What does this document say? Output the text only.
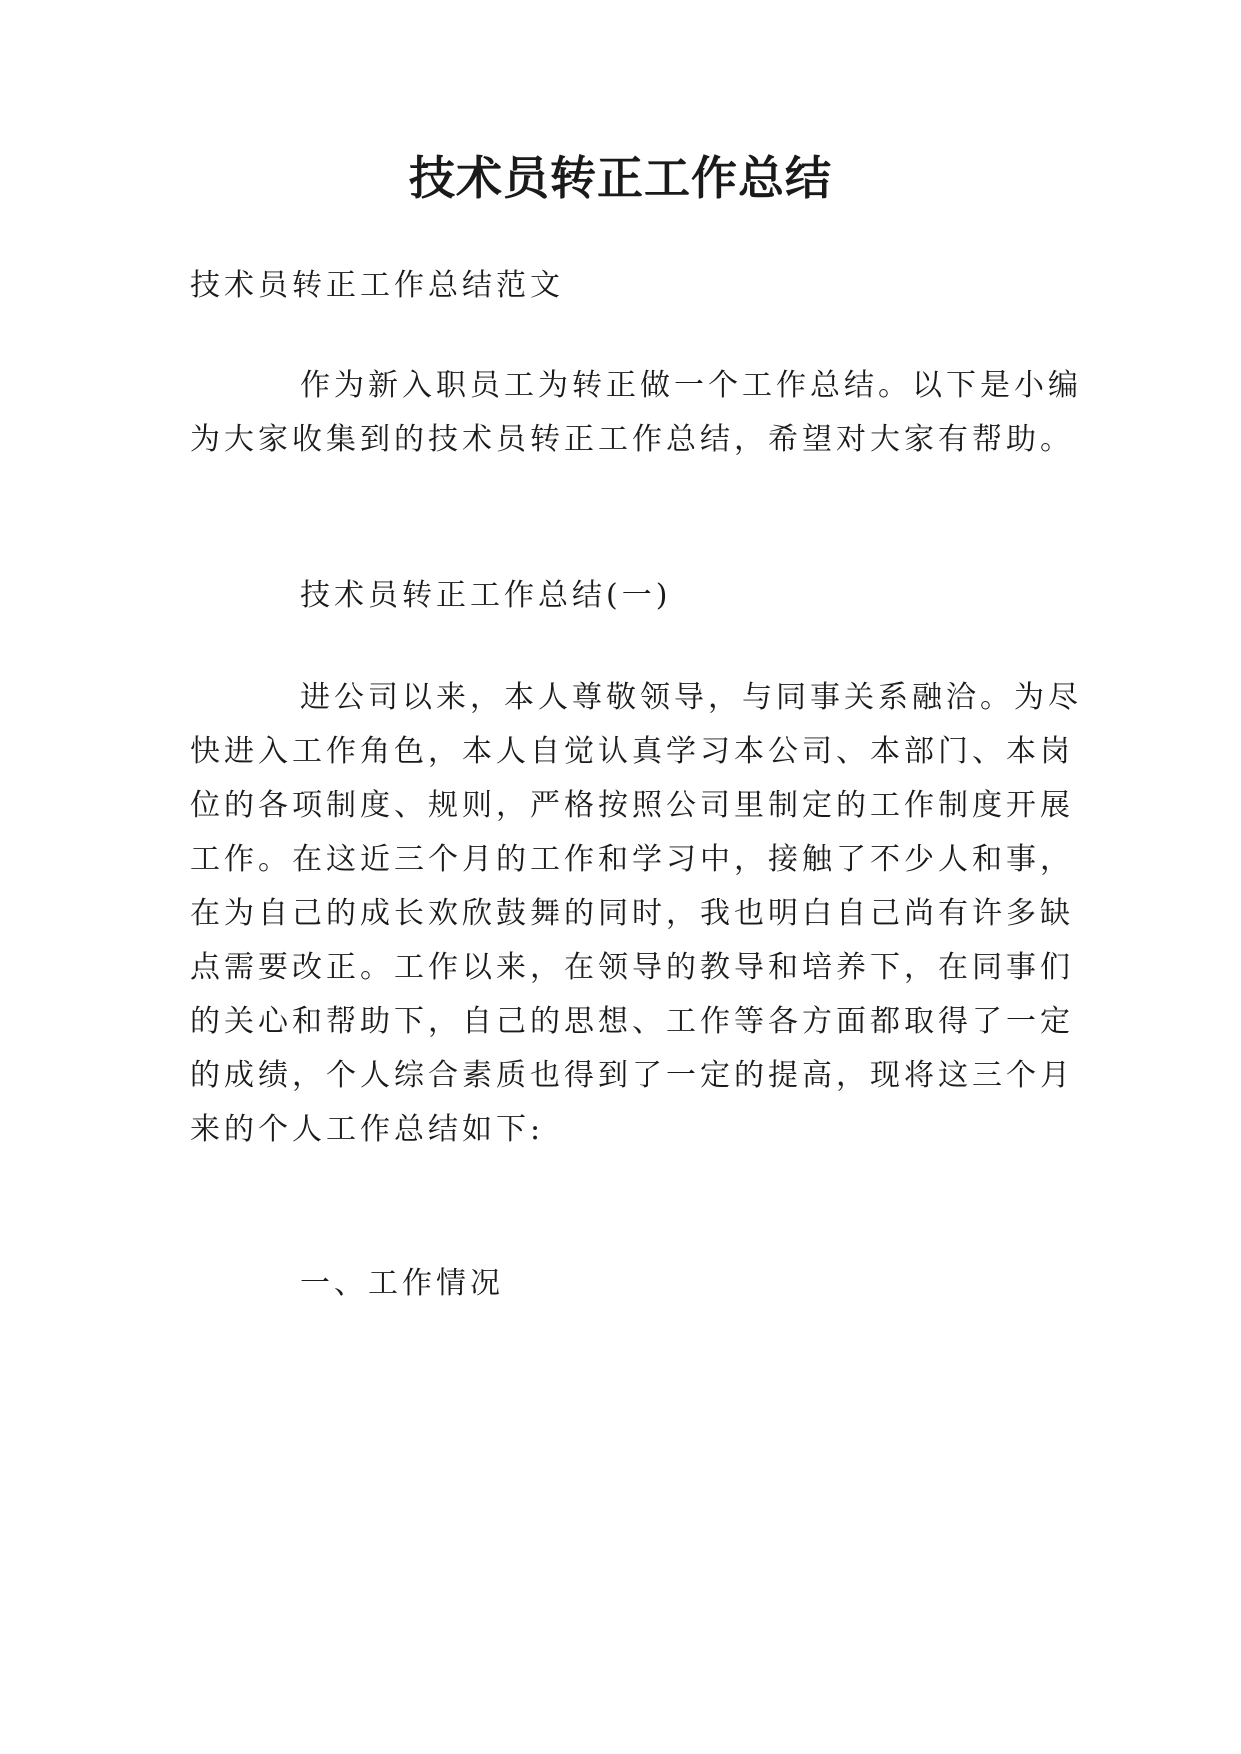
技术员转正工作总结
技术员转正工作总结范文
作为新入职员工为转正做一个工作总结。以下是小编
为大家收集到的技术员转正工作总结，希望对大家有帮助。
技术员转正工作总结(一)
进公司以来，本人尊敬领导，与同事关系融洽。为尽
快进入工作角色，本人自觉认真学习本公司、本部门、本岗
位的各项制度、规则，严格按照公司里制定的工作制度开展
工作。在这近三个月的工作和学习中，接触了不少人和事，
在为自己的成长欢欣鼓舞的同时，我也明白自己尚有许多缺
点需要改正。工作以来，在领导的教导和培养下，在同事们
的关心和帮助下，自己的思想、工作等各方面都取得了一定
的成绩，个人综合素质也得到了一定的提高，现将这三个月
来的个人工作总结如下:
一、工作情况
